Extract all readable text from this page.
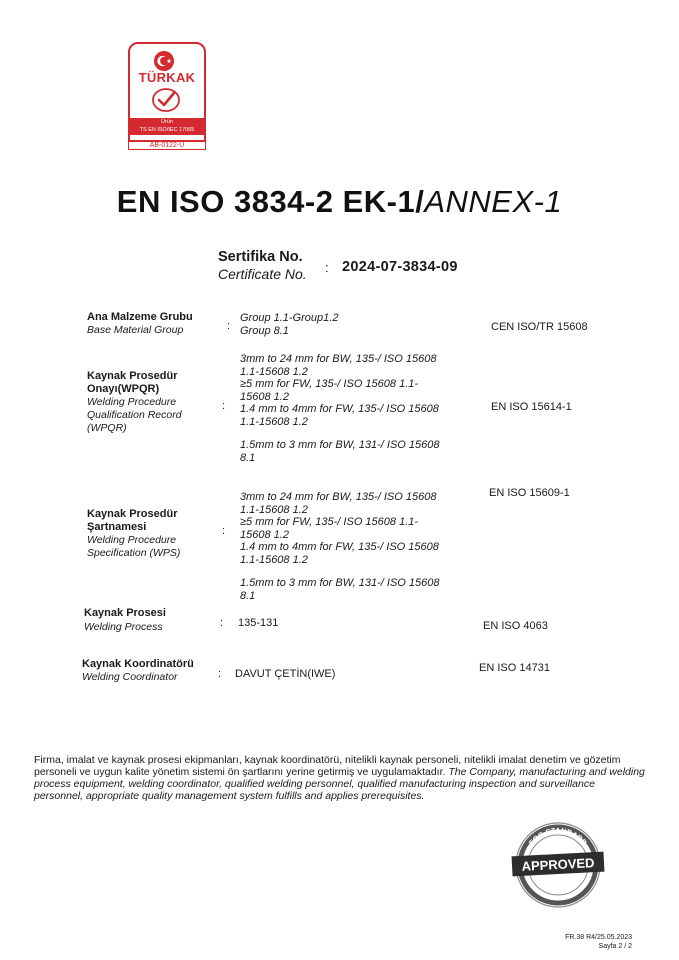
TÜRKAK
Ürün
TS EN ISO/IEC 17065
AB-0122-U
EN ISO 3834-2 EK-1/ANNEX-1
Sertifika No.
Certificate No. : 2024-07-3834-09
Ana Malzeme Grubu
Base Material Group	:
Group 1.1-Group1.2
Group 8.1	CEN ISO/TR 15608
Kaynak Prosedür
Onayı(WPQR)
Welding Procedure
Qualification Record
(WPQR)
:
3mm to 24 mm for BW, 135-/ ISO 15608
1.1-15608 1.2
≥5 mm for FW, 135-/ ISO 15608 1.1-
15608 1.2
1.4 mm to 4mm for FW, 135-/ ISO 15608
1.1-15608 1.2
1.5mm to 3 mm for BW, 131-/ ISO 15608
8.1
EN ISO 15614-1
Kaynak Prosedür
Şartnamesi
Welding Procedure
Specification (WPS)
:
3mm to 24 mm for BW, 135-/ ISO 15608
1.1-15608 1.2
≥5 mm for FW, 135-/ ISO 15608 1.1-
15608 1.2
1.4 mm to 4mm for FW, 135-/ ISO 15608
1.1-15608 1.2
1.5mm to 3 mm for BW, 131-/ ISO 15608
8.1
EN ISO 15609-1
Kaynak Prosesi
Welding Process	: 135-131	EN ISO 4063
Kaynak Koordinatörü
Welding Coordinator	: DAVUT ÇETİN(IWE)	EN ISO 14731
Firma, imalat ve kaynak prosesi ekipmanları, kaynak koordinatörü, nitelikli kaynak personeli, nitelikli imalat denetim ve gözetim personeli ve uygun kalite yönetim sistemi ön şartlarını yerine getirmiş ve uygulamaktadır. The Company, manufacturing and welding process equipment, welding coordinator, qualified welding personnel, qualified manufacturing inspection and surveillance personnel, appropriate quality management system fulfills and applies prerequisites.
FQC STANDARD
APPROVED
FR.38 R4/25.05.2023
Sayfa 2 / 2
